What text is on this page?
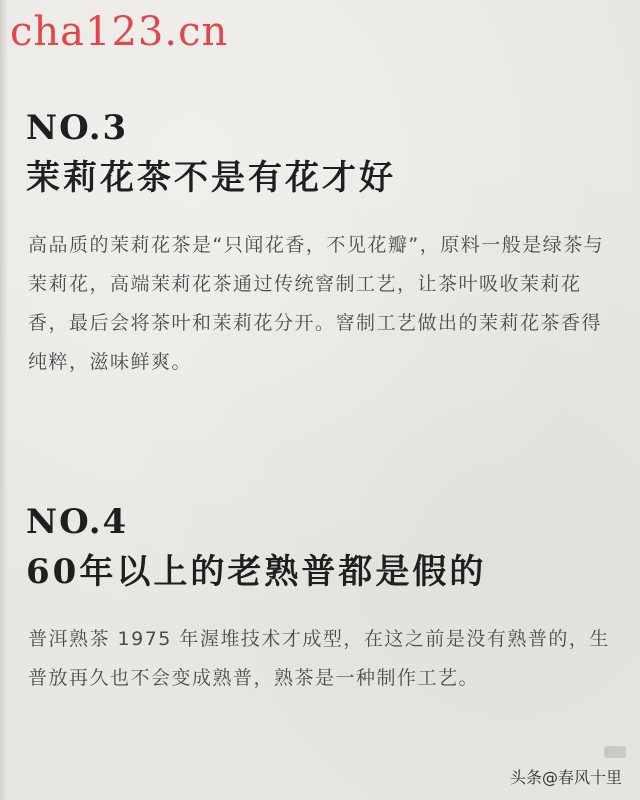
cha123.cn
NO.3
茉莉花茶不是有花才好

高品质的茉莉花茶是“只闻花香，不见花瓣”，原料一般是绿茶与茉莉花，高端茉莉花茶通过传统窨制工艺，让茶叶吸收茉莉花香，最后会将茶叶和茉莉花分开。窨制工艺做出的茉莉花茶香得纯粹，滋味鲜爽。

NO.4
60年以上的老熟普都是假的

普洱熟茶 1975 年渥堆技术才成型，在这之前是没有熟普的，生普放再久也不会变成熟普，熟茶是一种制作工艺。

头条@春风十里
